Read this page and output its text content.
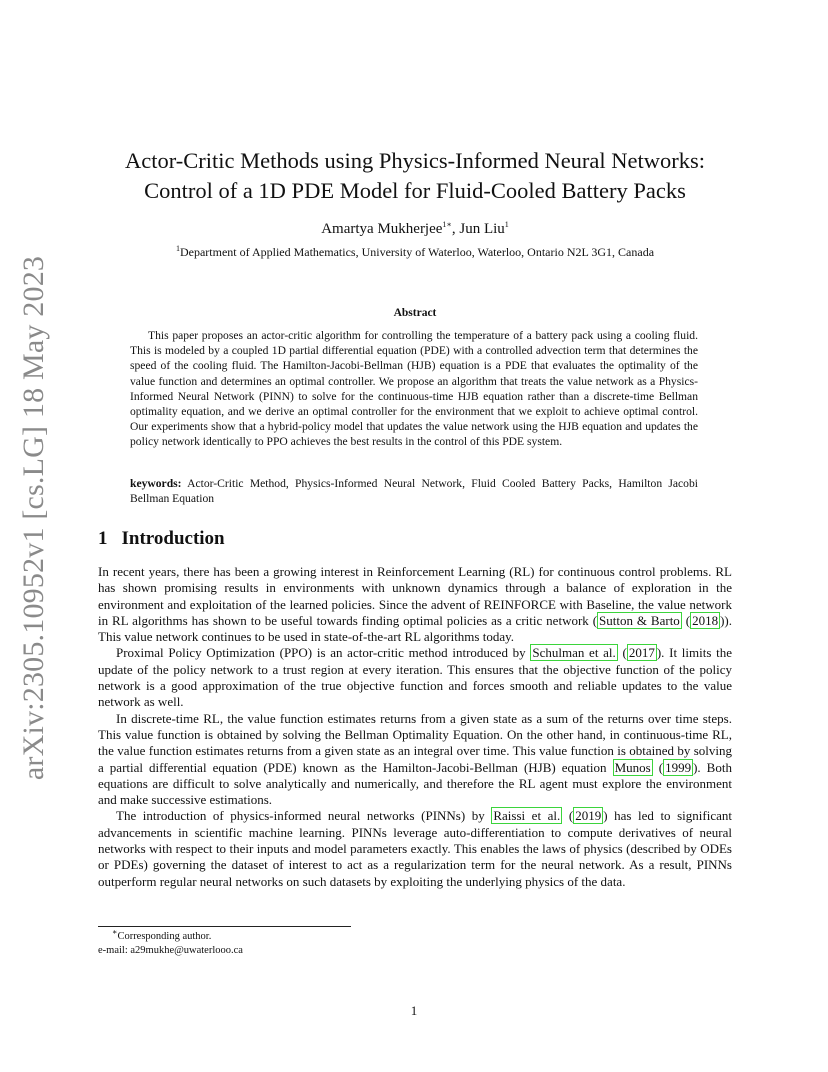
arXiv:2305.10952v1 [cs.LG] 18 May 2023
Actor-Critic Methods using Physics-Informed Neural Networks:
Control of a 1D PDE Model for Fluid-Cooled Battery Packs
Amartya Mukherjee$^{1∗}$, Jun Liu$^1$
$^1$Department of Applied Mathematics, University of Waterloo, Waterloo, Ontario N2L 3G1, Canada
Abstract

This paper proposes an actor-critic algorithm for controlling the temperature of a battery pack using a cooling fluid. This is modeled by a coupled 1D partial differential equation (PDE) with a controlled advection term that determines the speed of the cooling fluid. The Hamilton-Jacobi-Bellman (HJB) equation is a PDE that evaluates the optimality of the value function and determines an optimal controller. We propose an algorithm that treats the value network as a Physics-Informed Neural Network (PINN) to solve for the continuous-time HJB equation rather than a discrete-time Bellman optimality equation, and we derive an optimal controller for the environment that we exploit to achieve optimal control. Our experiments show that a hybrid-policy model that updates the value network using the HJB equation and updates the policy network identically to PPO achieves the best results in the control of this PDE system.

keywords: Actor-Critic Method, Physics-Informed Neural Network, Fluid Cooled Battery Packs, Hamilton Jacobi Bellman Equation

1 Introduction

In recent years, there has been a growing interest in Reinforcement Learning (RL) for continuous control problems. RL has shown promising results in environments with unknown dynamics through a balance of exploration in the environment and exploitation of the learned policies. Since the advent of REINFORCE with Baseline, the value network in RL algorithms has shown to be useful towards finding optimal policies as a critic network ( Sutton & Barto ( 2018 )). This value network continues to be used in state-of-the-art RL algorithms today.

Proximal Policy Optimization (PPO) is an actor-critic method introduced by Schulman et al. ( 2017 ). It limits the update of the policy network to a trust region at every iteration. This ensures that the objective function of the policy network is a good approximation of the true objective function and forces smooth and reliable updates to the value network as well.

In discrete-time RL, the value function estimates returns from a given state as a sum of the returns over time steps. This value function is obtained by solving the Bellman Optimality Equation. On the other hand, in continuous-time RL, the value function estimates returns from a given state as an integral over time. This value function is obtained by solving a partial differential equation (PDE) known as the Hamilton-Jacobi-Bellman (HJB) equation Munos ( 1999 ). Both equations are difficult to solve analytically and numerically, and therefore the RL agent must explore the environment and make successive estimations.

The introduction of physics-informed neural networks (PINNs) by Raissi et al. ( 2019 ) has led to significant advancements in scientific machine learning. PINNs leverage auto-differentiation to compute derivatives of neural networks with respect to their inputs and model parameters exactly. This enables the laws of physics (described by ODEs or PDEs) governing the dataset of interest to act as a regularization term for the neural network. As a result, PINNs outperform regular neural networks on such datasets by exploiting the underlying physics of the data.

∗Corresponding author.
e-mail: a29mukhe@uwaterlooo.ca
1
